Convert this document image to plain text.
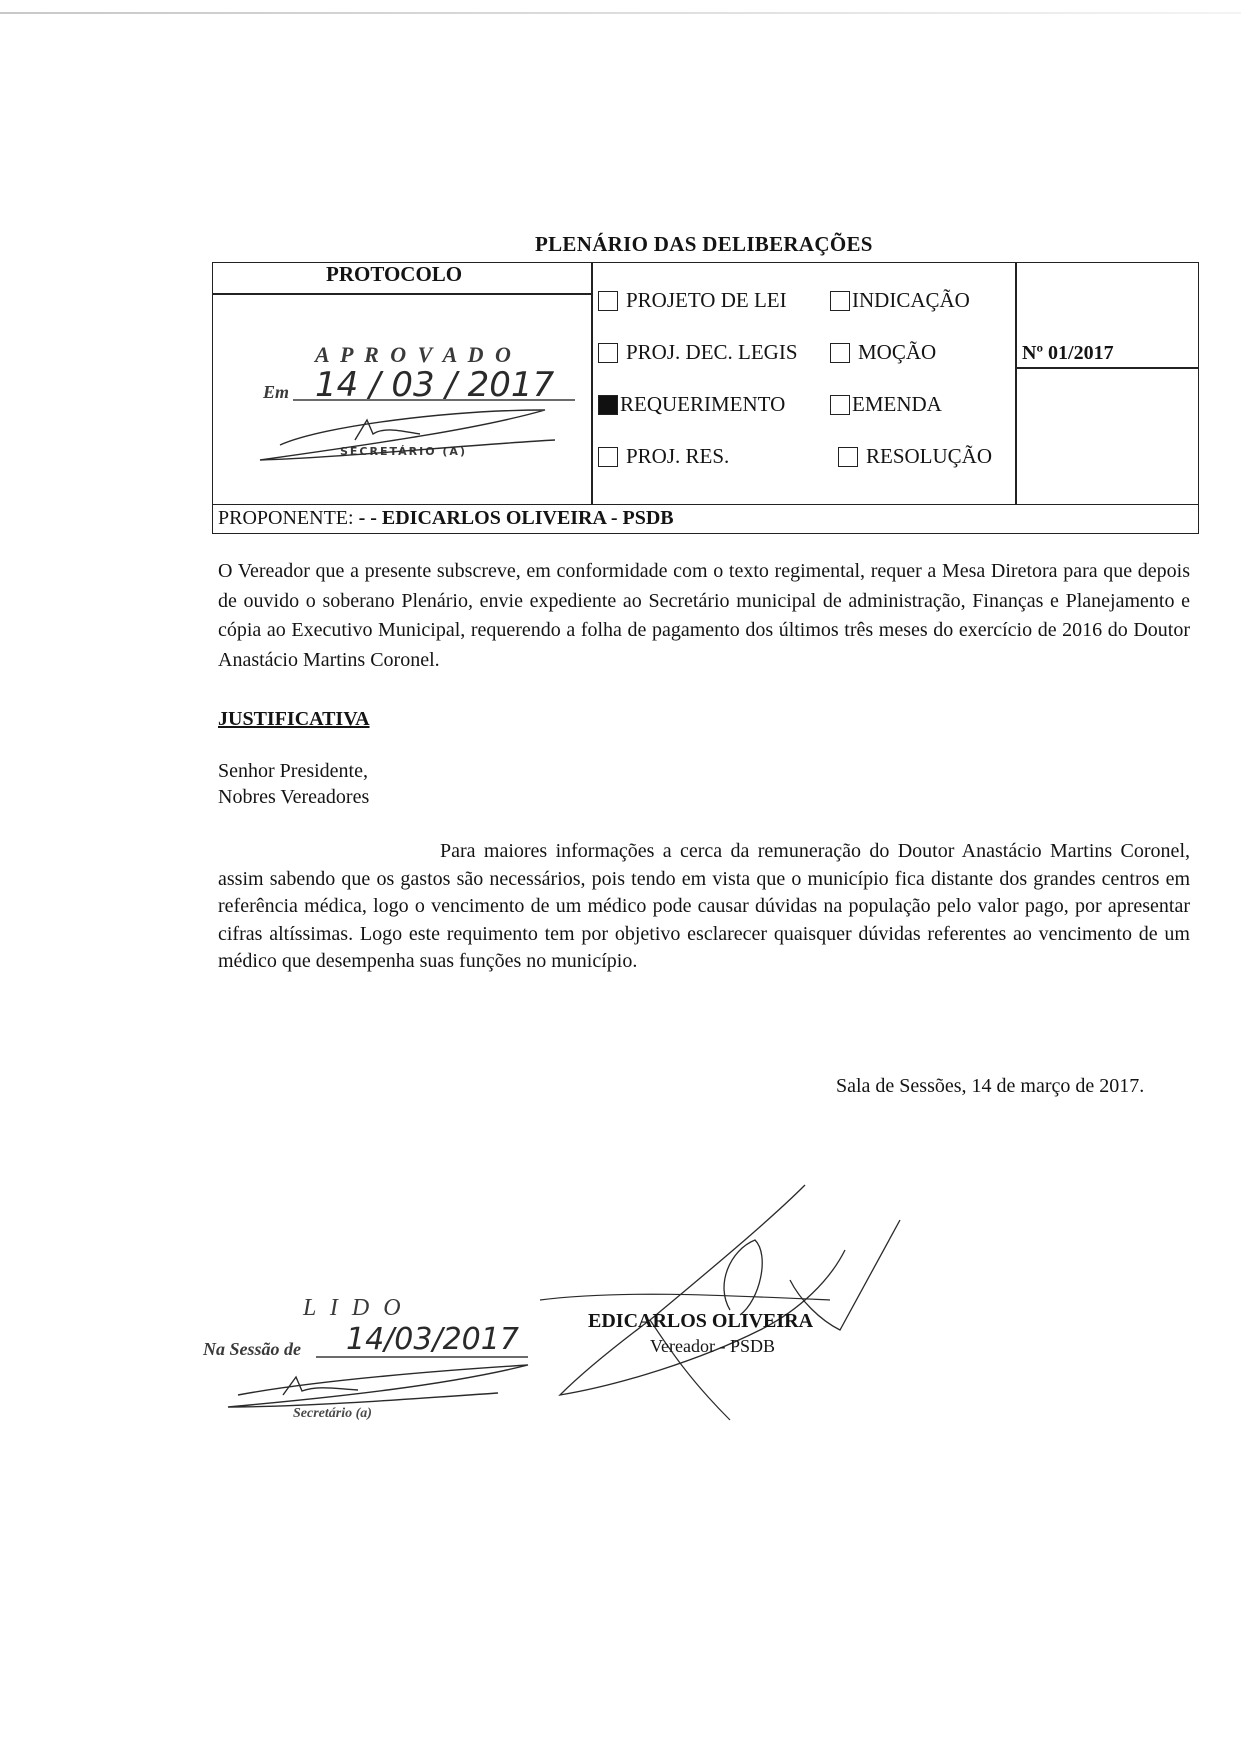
PLENÁRIO DAS DELIBERAÇÕES
PROTOCOLO
PROJETO DE LEI	INDICAÇÃO
PROJ. DEC. LEGIS	MOÇÃO
REQUERIMENTO	EMENDA
PROJ. RES.	RESOLUÇÃO
Nº 01/2017
PROPONENTE: - - EDICARLOS OLIVEIRA - PSDB
O Vereador que a presente subscreve, em conformidade com o texto regimental, requer a Mesa Diretora para que depois de ouvido o soberano Plenário, envie expediente ao Secretário municipal de administração, Finanças e Planejamento e cópia ao Executivo Municipal, requerendo a folha de pagamento dos últimos três meses do exercício de 2016 do Doutor Anastácio Martins Coronel.
JUSTIFICATIVA
Senhor Presidente,
Nobres Vereadores
Para maiores informações a cerca da remuneração do Doutor Anastácio Martins Coronel, assim sabendo que os gastos são necessários, pois tendo em vista que o município fica distante dos grandes centros em referência médica, logo o vencimento de um médico pode causar dúvidas na população pelo valor pago, por apresentar cifras altíssimas. Logo este requimento tem por objetivo esclarecer quaisquer dúvidas referentes ao vencimento de um médico que desempenha suas funções no município.
Sala de Sessões, 14 de março de 2017.
A P R O V A D O
Em 14 / 03 / 2017
SECRETÁRIO (A)
L I D O
Na Sessão de 14/03/2017
Secretário (a)
EDICARLOS OLIVEIRA
Vereador - PSDB
